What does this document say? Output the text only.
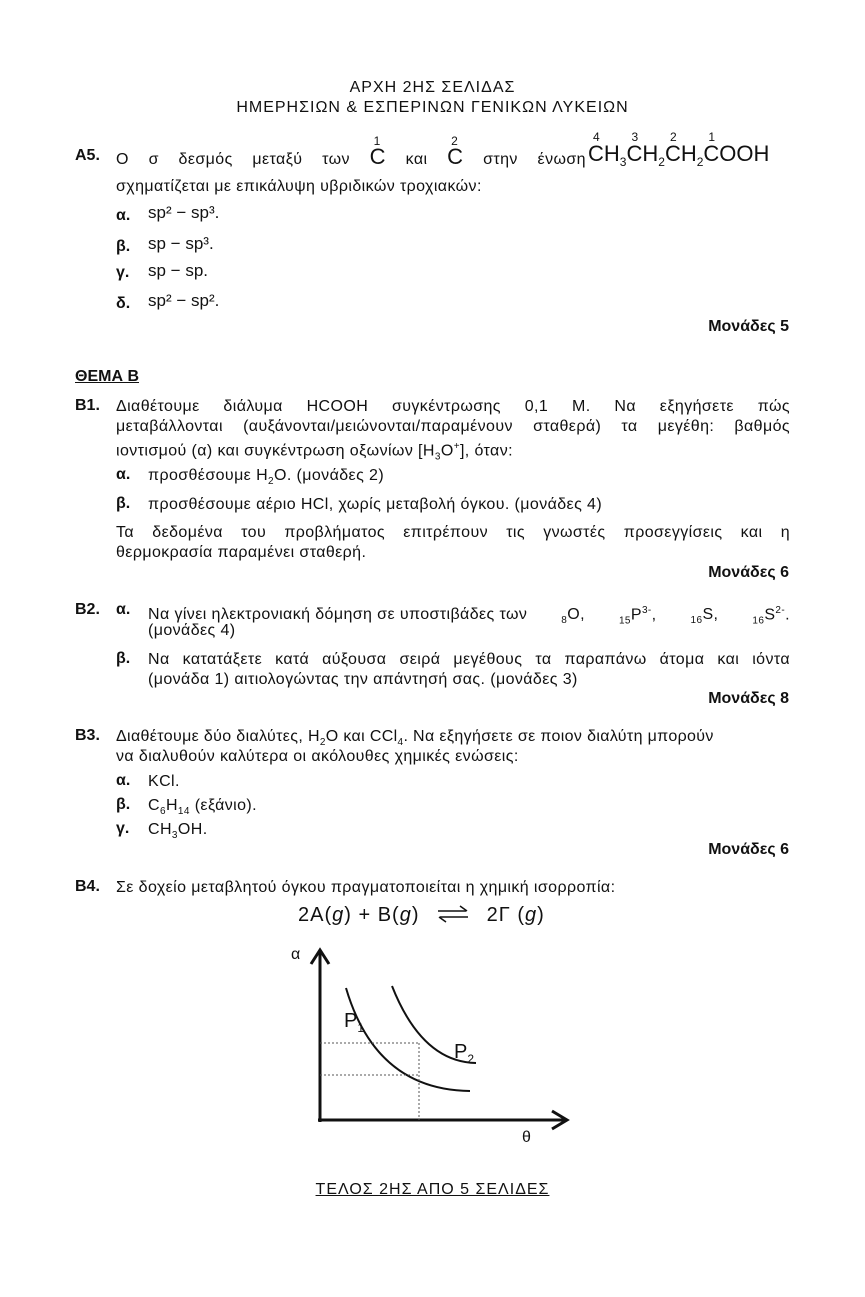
ΑΡΧΗ 2ΗΣ ΣΕΛΙΔΑΣ
ΗΜΕΡΗΣΙΩΝ & ΕΣΠΕΡΙΝΩΝ ΓΕΝΙΚΩΝ ΛΥΚΕΙΩΝ
Α5. Ο σ δεσμός μεταξύ των
1
C και
2
C στην ένωση
4
$CH_3$
3
$CH_2$
2
$CH_2$
1
COOH
σχηματίζεται με επικάλυψη υβριδικών τροχιακών:
α. sp² − sp³.
β. sp − sp³.
γ. sp − sp.
δ. sp² − sp².
Μονάδες 5
ΘΕΜΑ Β
Β1. Διαθέτουμε διάλυμα HCOOH συγκέντρωσης 0,1 M. Να εξηγήσετε πώς
μεταβάλλονται (αυξάνονται/μειώνονται/παραμένουν σταθερά) τα μεγέθη: βαθμός
ιοντισμού (α) και συγκέντρωση οξωνίων $[H_3O^+]$, όταν:
α. προσθέσουμε $H_2O$. (μονάδες 2)
β. προσθέσουμε αέριο HCl, χωρίς μεταβολή όγκου. (μονάδες 4)
Τα δεδομένα του προβλήματος επιτρέπουν τις γνωστές προσεγγίσεις και η
θερμοκρασία παραμένει σταθερή.
Μονάδες 6
Β2. α. Να γίνει ηλεκτρονιακή δόμηση σε υποστιβάδες των	$_8$O,	$_{15}P^{3-}$,	$_{16}$S,	$_{16}S^{2-}$.
(μονάδες 4)
β. Να κατατάξετε κατά αύξουσα σειρά μεγέθους τα παραπάνω άτομα και ιόντα
(μονάδα 1) αιτιολογώντας την απάντησή σας. (μονάδες 3)
Μονάδες 8
Β3. Διαθέτουμε δύο διαλύτες, $H_2O$ και CCl$_4$. Να εξηγήσετε σε ποιον διαλύτη μπορούν
να διαλυθούν καλύτερα οι ακόλουθες χημικές ενώσεις:
α. KCl.
β. $C_6H_{14}$ (εξάνιο).
γ. $CH_3OH$.
Μονάδες 6
Β4. Σε δοχείο μεταβλητού όγκου πραγματοποιείται η χημική ισορροπία:
2A(g) + B(g) ⇌ 2Γ (g)
α
θ
$P_1$
$P_2$
ΤΕΛΟΣ 2ΗΣ ΑΠΟ 5 ΣΕΛΙΔΕΣ
